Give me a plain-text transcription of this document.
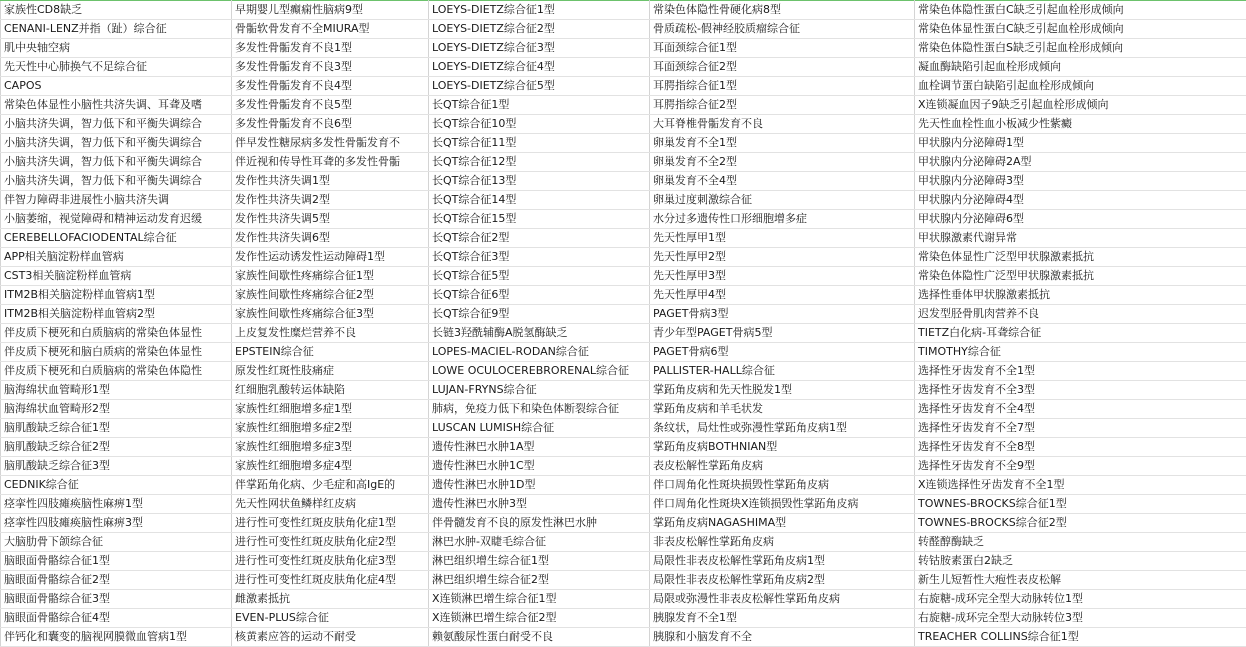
家族性CD8缺乏	早期婴儿型癫痫性脑病9型	LOEYS-DIETZ综合征1型	常染色体隐性骨硬化病8型	常染色体隐性蛋白C缺乏引起血栓形成倾向
CENANI-LENZ并指（趾）综合征	骨骺软骨发育不全MIURA型	LOEYS-DIETZ综合征2型	骨质疏松-假神经胶质瘤综合征	常染色体显性蛋白C缺乏引起血栓形成倾向
肌中央轴空病	多发性骨骺发育不良1型	LOEYS-DIETZ综合征3型	耳面颈综合征1型	常染色体隐性蛋白S缺乏引起血栓形成倾向
先天性中心肺换气不足综合征	多发性骨骺发育不良3型	LOEYS-DIETZ综合征4型	耳面颈综合征2型	凝血酶缺陷引起血栓形成倾向
CAPOS	多发性骨骺发育不良4型	LOEYS-DIETZ综合征5型	耳腭指综合征1型	血栓调节蛋白缺陷引起血栓形成倾向
常染色体显性小脑性共济失调、耳聋及嗜	多发性骨骺发育不良5型	长QT综合征1型	耳腭指综合征2型	X连锁凝血因子9缺乏引起血栓形成倾向
小脑共济失调，智力低下和平衡失调综合	多发性骨骺发育不良6型	长QT综合征10型	大耳脊椎骨骺发育不良	先天性血栓性血小板减少性紫癜
小脑共济失调，智力低下和平衡失调综合	伴早发性糖尿病多发性骨骺发育不	长QT综合征11型	卵巢发育不全1型	甲状腺内分泌障碍1型
小脑共济失调，智力低下和平衡失调综合	伴近视和传导性耳聋的多发性骨骺	长QT综合征12型	卵巢发育不全2型	甲状腺内分泌障碍2A型
小脑共济失调，智力低下和平衡失调综合	发作性共济失调1型	长QT综合征13型	卵巢发育不全4型	甲状腺内分泌障碍3型
伴智力障碍非进展性小脑共济失调	发作性共济失调2型	长QT综合征14型	卵巢过度刺激综合征	甲状腺内分泌障碍4型
小脑萎缩，视觉障碍和精神运动发育迟缓	发作性共济失调5型	长QT综合征15型	水分过多遗传性口形细胞增多症	甲状腺内分泌障碍6型
CEREBELLOFACIODENTAL综合征	发作性共济失调6型	长QT综合征2型	先天性厚甲1型	甲状腺激素代谢异常
APP相关脑淀粉样血管病	发作性运动诱发性运动障碍1型	长QT综合征3型	先天性厚甲2型	常染色体显性广泛型甲状腺激素抵抗
CST3相关脑淀粉样血管病	家族性间歇性疼痛综合征1型	长QT综合征5型	先天性厚甲3型	常染色体隐性广泛型甲状腺激素抵抗
ITM2B相关脑淀粉样血管病1型	家族性间歇性疼痛综合征2型	长QT综合征6型	先天性厚甲4型	选择性垂体甲状腺激素抵抗
ITM2B相关脑淀粉样血管病2型	家族性间歇性疼痛综合征3型	长QT综合征9型	PAGET骨病3型	迟发型胫骨肌肉营养不良
伴皮质下梗死和白质脑病的常染色体显性	上皮复发性糜烂营养不良	长链3羟酰辅酶A脱氢酶缺乏	青少年型PAGET骨病5型	TIETZ白化病-耳聋综合征
伴皮质下梗死和脑白质病的常染色体显性	EPSTEIN综合征	LOPES-MACIEL-RODAN综合征	PAGET骨病6型	TIMOTHY综合征
伴皮质下梗死和白质脑病的常染色体隐性	原发性红斑性肢痛症	LOWE OCULOCEREBRORENAL综合征	PALLISTER-HALL综合征	选择性牙齿发育不全1型
脑海绵状血管畸形1型	红细胞乳酸转运体缺陷	LUJAN-FRYNS综合征	掌跖角皮病和先天性脱发1型	选择性牙齿发育不全3型
脑海绵状血管畸形2型	家族性红细胞增多症1型	肺病，免疫力低下和染色体断裂综合征	掌跖角皮病和羊毛状发	选择性牙齿发育不全4型
脑肌酸缺乏综合征1型	家族性红细胞增多症2型	LUSCAN LUMISH综合征	条纹状，局灶性或弥漫性掌跖角皮病1型	选择性牙齿发育不全7型
脑肌酸缺乏综合征2型	家族性红细胞增多症3型	遗传性淋巴水肿1A型	掌跖角皮病BOTHNIAN型	选择性牙齿发育不全8型
脑肌酸缺乏综合征3型	家族性红细胞增多症4型	遗传性淋巴水肿1C型	表皮松解性掌跖角皮病	选择性牙齿发育不全9型
CEDNIK综合征	伴掌跖角化病、少毛症和高IgE的	遗传性淋巴水肿1D型	伴口周角化性斑块损毁性掌跖角皮病	X连锁选择性牙齿发育不全1型
痉挛性四肢瘫痪脑性麻痹1型	先天性网状鱼鳞样红皮病	遗传性淋巴水肿3型	伴口周角化性斑块X连锁损毁性掌跖角皮病	TOWNES-BROCKS综合征1型
痉挛性四肢瘫痪脑性麻痹3型	进行性可变性红斑皮肤角化症1型	伴骨髓发育不良的原发性淋巴水肿	掌跖角皮病NAGASHIMA型	TOWNES-BROCKS综合征2型
大脑肋骨下颌综合征	进行性可变性红斑皮肤角化症2型	淋巴水肿-双睫毛综合征	非表皮松解性掌跖角皮病	转醛醇酶缺乏
脑眼面骨骼综合征1型	进行性可变性红斑皮肤角化症3型	淋巴组织增生综合征1型	局限性非表皮松解性掌跖角皮病1型	转钴胺素蛋白2缺乏
脑眼面骨骼综合征2型	进行性可变性红斑皮肤角化症4型	淋巴组织增生综合征2型	局限性非表皮松解性掌跖角皮病2型	新生儿短暂性大疱性表皮松解
脑眼面骨骼综合征3型	雌激素抵抗	X连锁淋巴增生综合征1型	局限或弥漫性非表皮松解性掌跖角皮病	右旋糖-成环完全型大动脉转位1型
脑眼面骨骼综合征4型	EVEN-PLUS综合征	X连锁淋巴增生综合征2型	胰腺发育不全1型	右旋糖-成环完全型大动脉转位3型
伴钙化和囊变的脑视网膜微血管病1型	核黄素应答的运动不耐受	赖氨酸尿性蛋白耐受不良	胰腺和小脑发育不全	TREACHER COLLINS综合征1型
